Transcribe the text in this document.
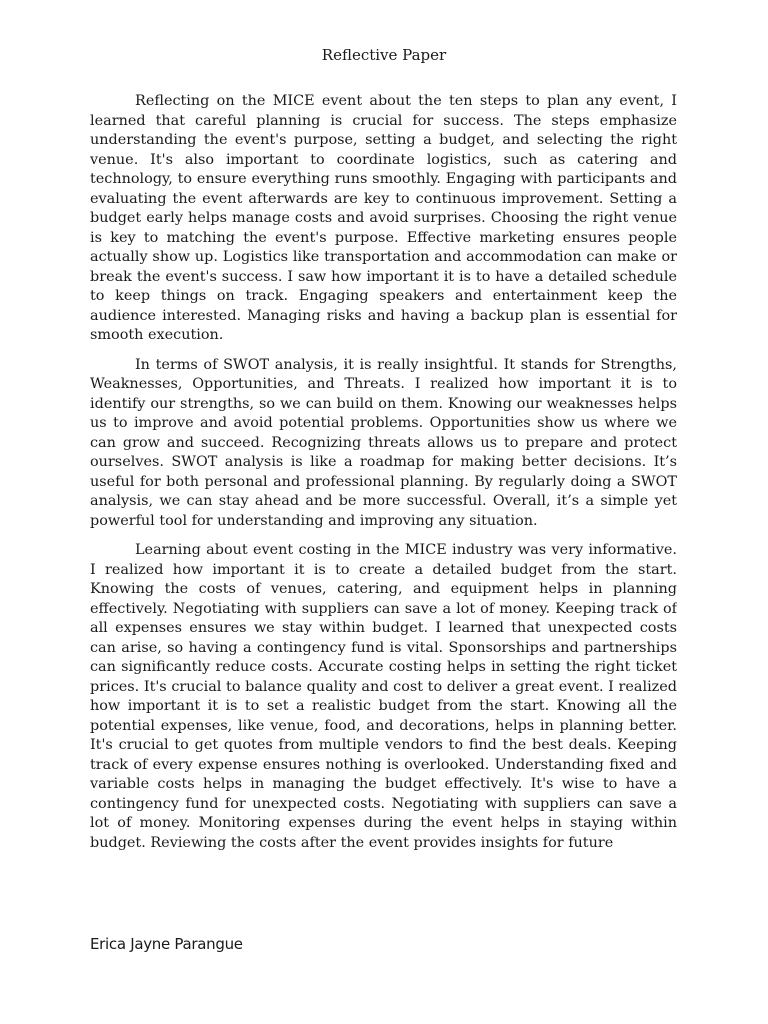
Reflective Paper

Reflecting on the MICE event about the ten steps to plan any event, I learned that careful planning is crucial for success. The steps emphasize understanding the event's purpose, setting a budget, and selecting the right venue. It's also important to coordinate logistics, such as catering and technology, to ensure everything runs smoothly. Engaging with participants and evaluating the event afterwards are key to continuous improvement. Setting a budget early helps manage costs and avoid surprises. Choosing the right venue is key to matching the event's purpose. Effective marketing ensures people actually show up. Logistics like transportation and accommodation can make or break the event's success. I saw how important it is to have a detailed schedule to keep things on track. Engaging speakers and entertainment keep the audience interested. Managing risks and having a backup plan is essential for smooth execution.

In terms of SWOT analysis, it is really insightful. It stands for Strengths, Weaknesses, Opportunities, and Threats. I realized how important it is to identify our strengths, so we can build on them. Knowing our weaknesses helps us to improve and avoid potential problems. Opportunities show us where we can grow and succeed. Recognizing threats allows us to prepare and protect ourselves. SWOT analysis is like a roadmap for making better decisions. It’s useful for both personal and professional planning. By regularly doing a SWOT analysis, we can stay ahead and be more successful. Overall, it’s a simple yet powerful tool for understanding and improving any situation.

Learning about event costing in the MICE industry was very informative. I realized how important it is to create a detailed budget from the start. Knowing the costs of venues, catering, and equipment helps in planning effectively. Negotiating with suppliers can save a lot of money. Keeping track of all expenses ensures we stay within budget. I learned that unexpected costs can arise, so having a contingency fund is vital. Sponsorships and partnerships can significantly reduce costs. Accurate costing helps in setting the right ticket prices. It's crucial to balance quality and cost to deliver a great event. I realized how important it is to set a realistic budget from the start. Knowing all the potential expenses, like venue, food, and decorations, helps in planning better. It's crucial to get quotes from multiple vendors to find the best deals. Keeping track of every expense ensures nothing is overlooked. Understanding fixed and variable costs helps in managing the budget effectively. It's wise to have a contingency fund for unexpected costs. Negotiating with suppliers can save a lot of money. Monitoring expenses during the event helps in staying within budget. Reviewing the costs after the event provides insights for future

Erica Jayne Parangue
